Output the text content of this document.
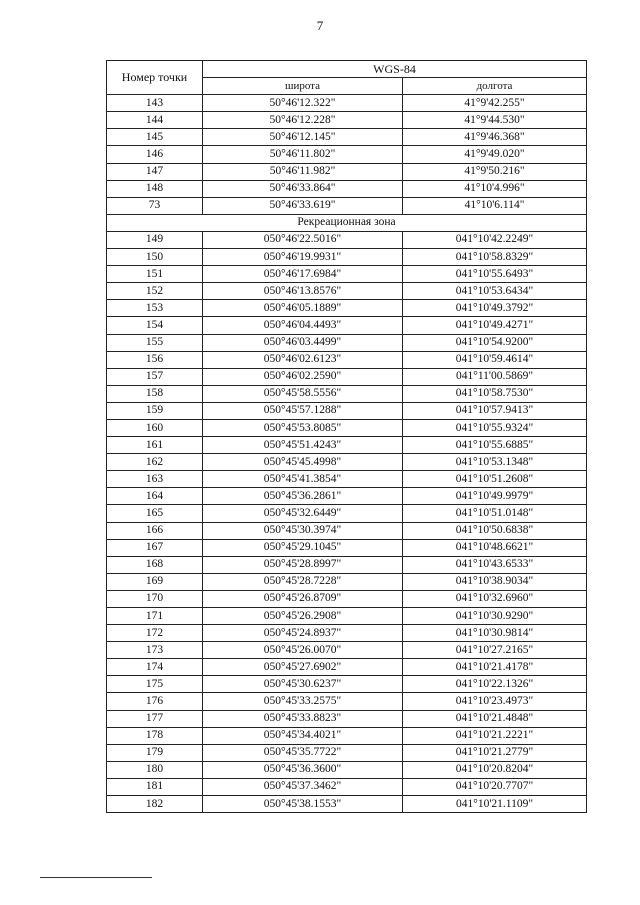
7
Номер точки	WGS-84	
	широта	долгота
143	50°46'12.322"	41°9'42.255"
144	50°46'12.228"	41°9'44.530"
145	50°46'12.145"	41°9'46.368"
146	50°46'11.802"	41°9'49.020"
147	50°46'11.982"	41°9'50.216"
148	50°46'33.864"	41°10'4.996"
73	50°46'33.619"	41°10'6.114"
Рекреационная зона		
149	050°46'22.5016"	041°10'42.2249"
150	050°46'19.9931"	041°10'58.8329"
151	050°46'17.6984"	041°10'55.6493"
152	050°46'13.8576"	041°10'53.6434"
153	050°46'05.1889"	041°10'49.3792"
154	050°46'04.4493"	041°10'49.4271"
155	050°46'03.4499"	041°10'54.9200"
156	050°46'02.6123"	041°10'59.4614"
157	050°46'02.2590"	041°11'00.5869"
158	050°45'58.5556"	041°10'58.7530"
159	050°45'57.1288"	041°10'57.9413"
160	050°45'53.8085"	041°10'55.9324"
161	050°45'51.4243"	041°10'55.6885"
162	050°45'45.4998"	041°10'53.1348"
163	050°45'41.3854"	041°10'51.2608"
164	050°45'36.2861"	041°10'49.9979"
165	050°45'32.6449"	041°10'51.0148"
166	050°45'30.3974"	041°10'50.6838"
167	050°45'29.1045"	041°10'48.6621"
168	050°45'28.8997"	041°10'43.6533"
169	050°45'28.7228"	041°10'38.9034"
170	050°45'26.8709"	041°10'32.6960"
171	050°45'26.2908"	041°10'30.9290"
172	050°45'24.8937"	041°10'30.9814"
173	050°45'26.0070"	041°10'27.2165"
174	050°45'27.6902"	041°10'21.4178"
175	050°45'30.6237"	041°10'22.1326"
176	050°45'33.2575"	041°10'23.4973"
177	050°45'33.8823"	041°10'21.4848"
178	050°45'34.4021"	041°10'21.2221"
179	050°45'35.7722"	041°10'21.2779"
180	050°45'36.3600"	041°10'20.8204"
181	050°45'37.3462"	041°10'20.7707"
182	050°45'38.1553"	041°10'21.1109"
